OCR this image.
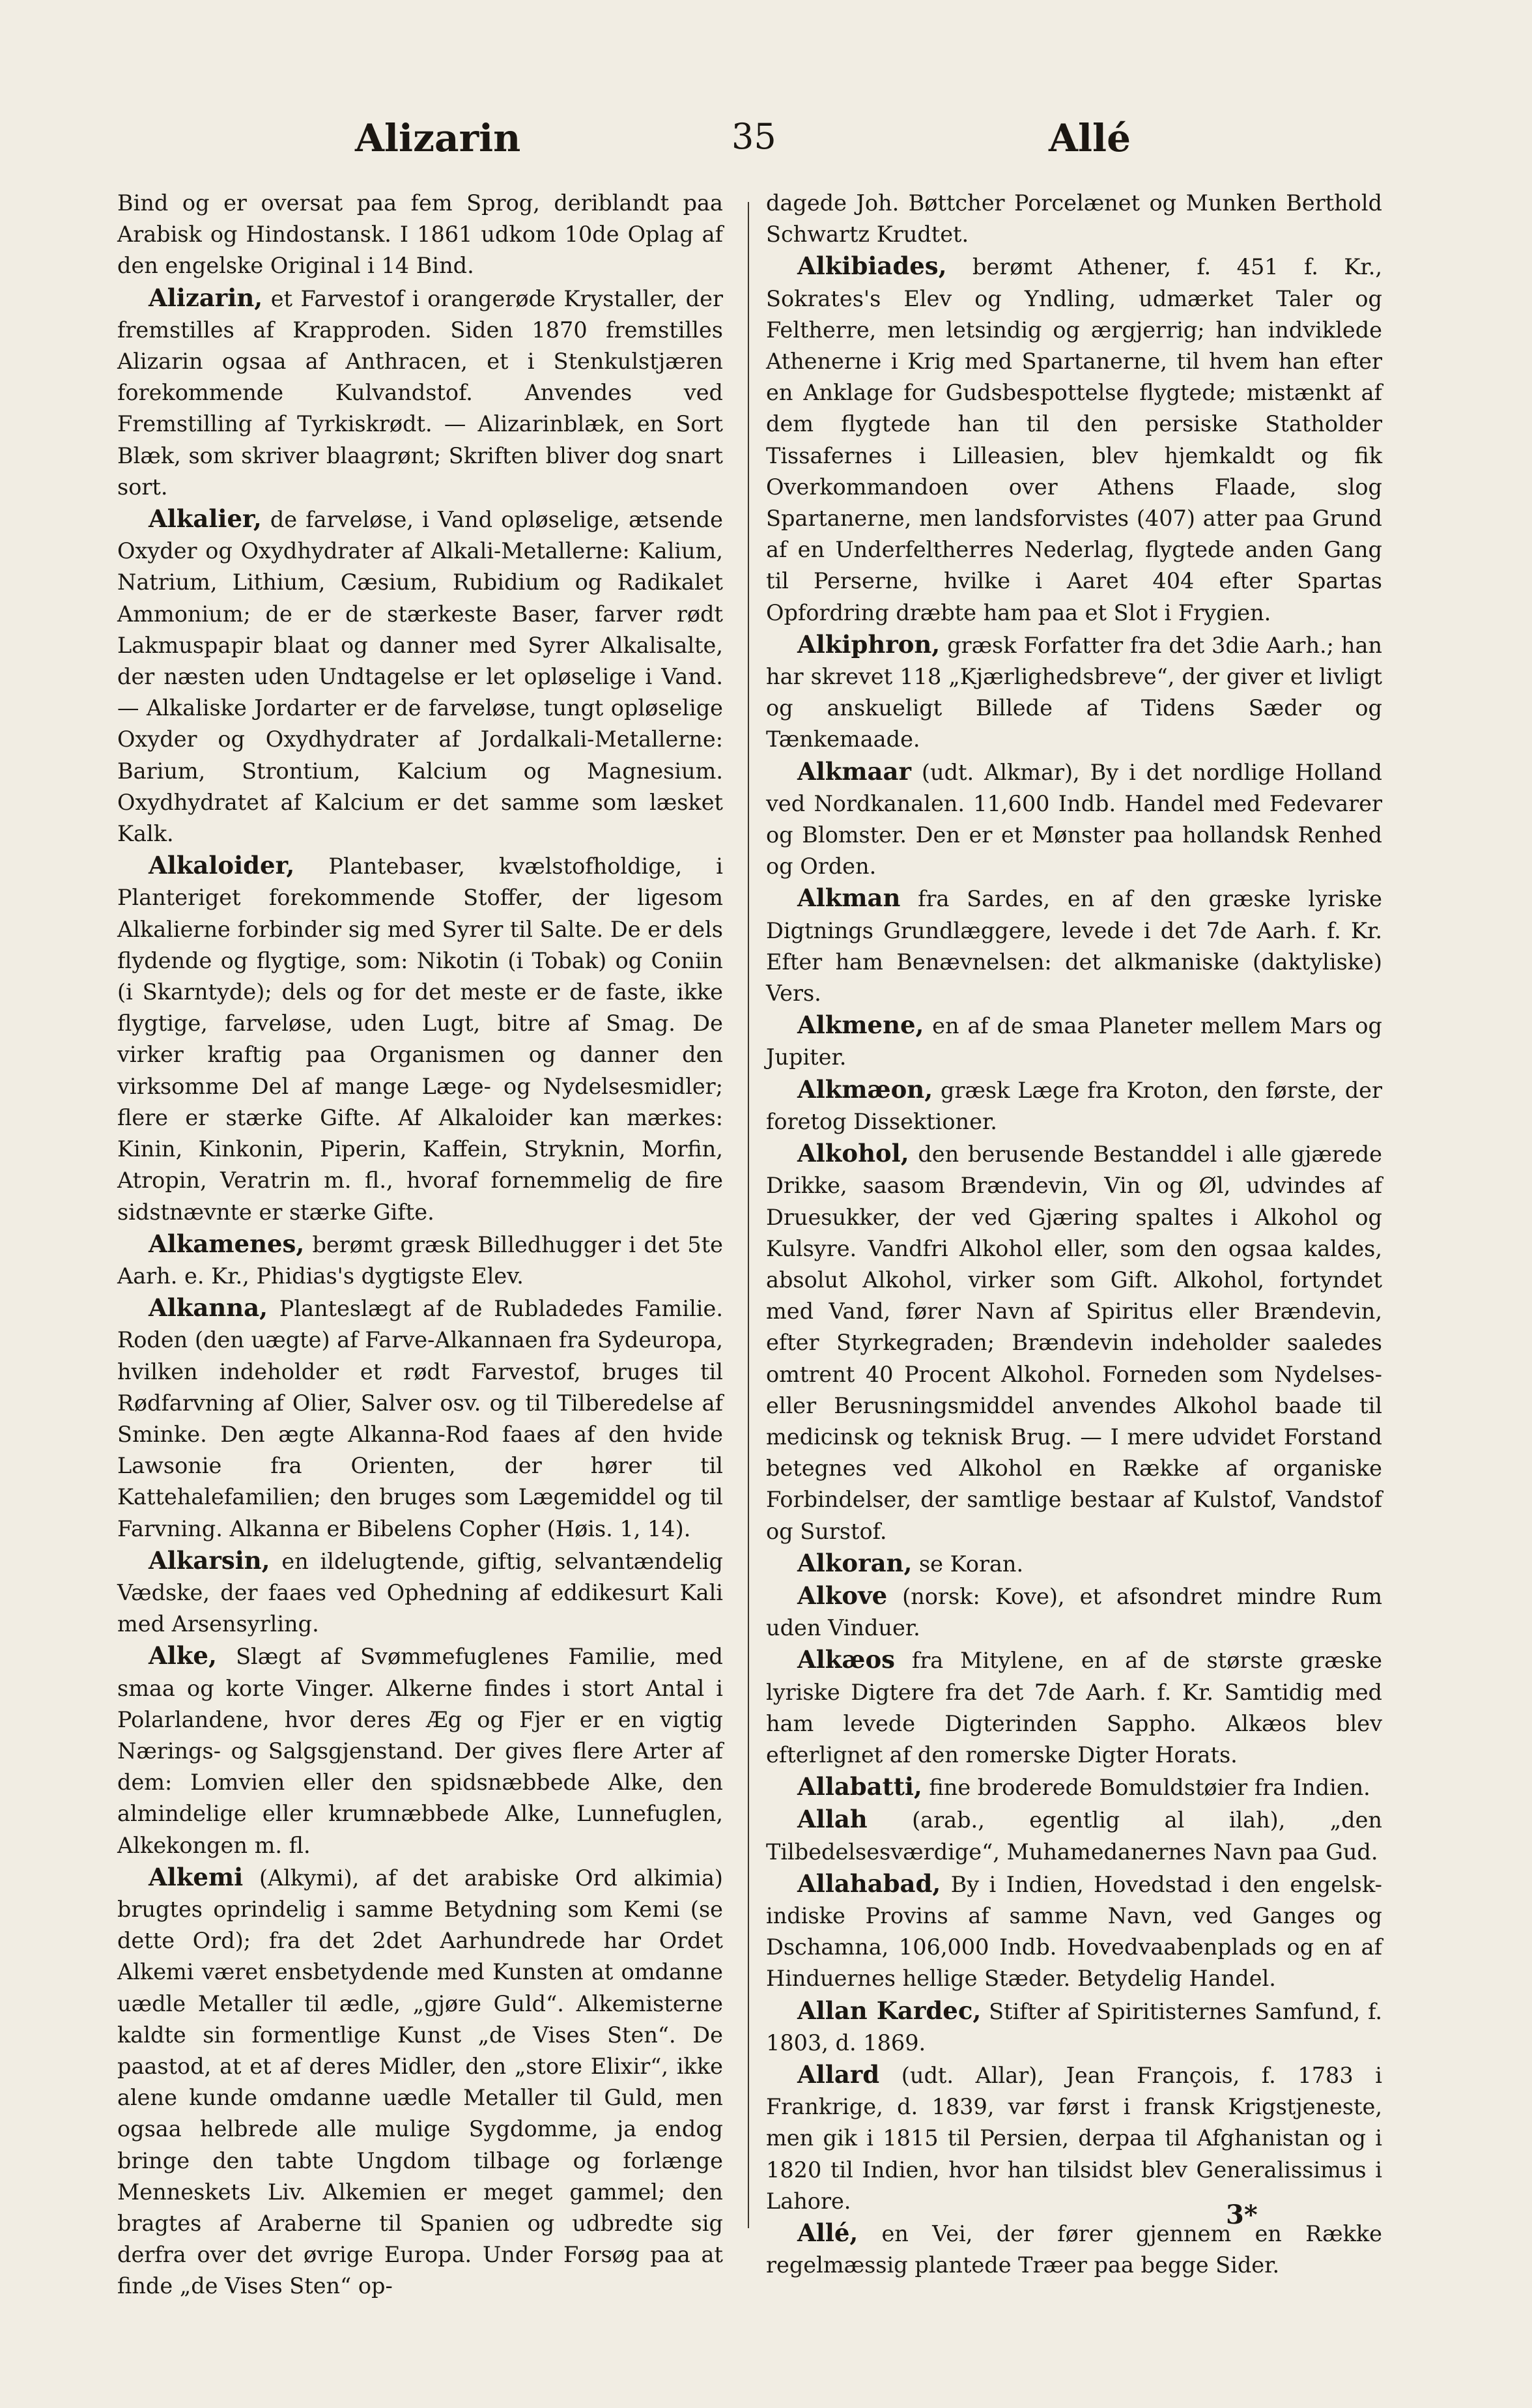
Alizarin	35	Allé

Bind og er oversat paa fem Sprog, deriblandt paa Arabisk og Hindostansk. I 1861 udkom 10de Oplag af den engelske Original i 14 Bind.

Alizarin, et Farvestof i orangerøde Krystaller, der fremstilles af Krapproden. Siden 1870 fremstilles Alizarin ogsaa af Anthracen, et i Stenkulstjæren forekommende Kulvandstof. Anvendes ved Fremstilling af Tyrkiskrødt. — Alizarinblæk, en Sort Blæk, som skriver blaagrønt; Skriften bliver dog snart sort.

Alkalier, de farveløse, i Vand opløselige, ætsende Oxyder og Oxydhydrater af Alkali-Metallerne: Kalium, Natrium, Lithium, Cæsium, Rubidium og Radikalet Ammonium; de er de stærkeste Baser, farver rødt Lakmuspapir blaat og danner med Syrer Alkalisalte, der næsten uden Undtagelse er let opløselige i Vand. — Alkaliske Jordarter er de farveløse, tungt opløselige Oxyder og Oxydhydrater af Jordalkali-Metallerne: Barium, Strontium, Kalcium og Magnesium. Oxydhydratet af Kalcium er det samme som læsket Kalk.

Alkaloider, Plantebaser, kvælstofholdige, i Planteriget forekommende Stoffer, der ligesom Alkalierne forbinder sig med Syrer til Salte. De er dels flydende og flygtige, som: Nikotin (i Tobak) og Coniin (i Skarntyde); dels og for det meste er de faste, ikke flygtige, farveløse, uden Lugt, bitre af Smag. De virker kraftig paa Organismen og danner den virksomme Del af mange Læge- og Nydelsesmidler; flere er stærke Gifte. Af Alkaloider kan mærkes: Kinin, Kinkonin, Piperin, Kaffein, Stryknin, Morfin, Atropin, Veratrin m. fl., hvoraf fornemmelig de fire sidstnævnte er stærke Gifte.

Alkamenes, berømt græsk Billedhugger i det 5te Aarh. e. Kr., Phidias's dygtigste Elev.

Alkanna, Planteslægt af de Rubladedes Familie. Roden (den uægte) af Farve-Alkannaen fra Sydeuropa, hvilken indeholder et rødt Farvestof, bruges til Rødfarvning af Olier, Salver osv. og til Tilberedelse af Sminke. Den ægte Alkanna-Rod faaes af den hvide Lawsonie fra Orienten, der hører til Kattehalefamilien; den bruges som Lægemiddel og til Farvning. Alkanna er Bibelens Copher (Høis. 1, 14).

Alkarsin, en ildelugtende, giftig, selvantændelig Vædske, der faaes ved Ophedning af eddikesurt Kali med Arsensyrling.

Alke, Slægt af Svømmefuglenes Familie, med smaa og korte Vinger. Alkerne findes i stort Antal i Polarlandene, hvor deres Æg og Fjer er en vigtig Nærings- og Salgsgjenstand. Der gives flere Arter af dem: Lomvien eller den spidsnæbbede Alke, den almindelige eller krumnæbbede Alke, Lunnefuglen, Alkekongen m. fl.

Alkemi (Alkymi), af det arabiske Ord alkimia) brugtes oprindelig i samme Betydning som Kemi (se dette Ord); fra det 2det Aarhundrede har Ordet Alkemi været ensbetydende med Kunsten at omdanne uædle Metaller til ædle, „gjøre Guld“. Alkemisterne kaldte sin formentlige Kunst „de Vises Sten“. De paastod, at et af deres Midler, den „store Elixir“, ikke alene kunde omdanne uædle Metaller til Guld, men ogsaa helbrede alle mulige Sygdomme, ja endog bringe den tabte Ungdom tilbage og forlænge Menneskets Liv. Alkemien er meget gammel; den bragtes af Araberne til Spanien og udbredte sig derfra over det øvrige Europa. Under Forsøg paa at finde „de Vises Sten“ op-

dagede Joh. Bøttcher Porcelænet og Munken Berthold Schwartz Krudtet.

Alkibiades, berømt Athener, f. 451 f. Kr., Sokrates's Elev og Yndling, udmærket Taler og Feltherre, men letsindig og ærgjerrig; han indviklede Athenerne i Krig med Spartanerne, til hvem han efter en Anklage for Gudsbespottelse flygtede; mistænkt af dem flygtede han til den persiske Statholder Tissafernes i Lilleasien, blev hjemkaldt og fik Overkommandoen over Athens Flaade, slog Spartanerne, men landsforvistes (407) atter paa Grund af en Underfeltherres Nederlag, flygtede anden Gang til Perserne, hvilke i Aaret 404 efter Spartas Opfordring dræbte ham paa et Slot i Frygien.

Alkiphron, græsk Forfatter fra det 3die Aarh.; han har skrevet 118 „Kjærlighedsbreve“, der giver et livligt og anskueligt Billede af Tidens Sæder og Tænkemaade.

Alkmaar (udt. Alkmar), By i det nordlige Holland ved Nordkanalen. 11,600 Indb. Handel med Fedevarer og Blomster. Den er et Mønster paa hollandsk Renhed og Orden.

Alkman fra Sardes, en af den græske lyriske Digtnings Grundlæggere, levede i det 7de Aarh. f. Kr. Efter ham Benævnelsen: det alkmaniske (daktyliske) Vers.

Alkmene, en af de smaa Planeter mellem Mars og Jupiter.

Alkmæon, græsk Læge fra Kroton, den første, der foretog Dissektioner.

Alkohol, den berusende Bestanddel i alle gjærede Drikke, saasom Brændevin, Vin og Øl, udvindes af Druesukker, der ved Gjæring spaltes i Alkohol og Kulsyre. Vandfri Alkohol eller, som den ogsaa kaldes, absolut Alkohol, virker som Gift. Alkohol, fortyndet med Vand, fører Navn af Spiritus eller Brændevin, efter Styrkegraden; Brændevin indeholder saaledes omtrent 40 Procent Alkohol. Forneden som Nydelses- eller Berusningsmiddel anvendes Alkohol baade til medicinsk og teknisk Brug. — I mere udvidet Forstand betegnes ved Alkohol en Række af organiske Forbindelser, der samtlige bestaar af Kulstof, Vandstof og Surstof.

Alkoran, se Koran.

Alkove (norsk: Kove), et afsondret mindre Rum uden Vinduer.

Alkæos fra Mitylene, en af de største græske lyriske Digtere fra det 7de Aarh. f. Kr. Samtidig med ham levede Digterinden Sappho. Alkæos blev efterlignet af den romerske Digter Horats.

Allabatti, fine broderede Bomuldstøier fra Indien.

Allah (arab., egentlig al ilah), „den Tilbedelsesværdige“, Muhamedanernes Navn paa Gud.

Allahabad, By i Indien, Hovedstad i den engelsk-indiske Provins af samme Navn, ved Ganges og Dschamna, 106,000 Indb. Hovedvaabenplads og en af Hinduernes hellige Stæder. Betydelig Handel.

Allan Kardec, Stifter af Spiritisternes Samfund, f. 1803, d. 1869.

Allard (udt. Allar), Jean François, f. 1783 i Frankrige, d. 1839, var først i fransk Krigstjeneste, men gik i 1815 til Persien, derpaa til Afghanistan og i 1820 til Indien, hvor han tilsidst blev Generalissimus i Lahore.

Allé, en Vei, der fører gjennem en Række regelmæssig plantede Træer paa begge Sider.

3*
